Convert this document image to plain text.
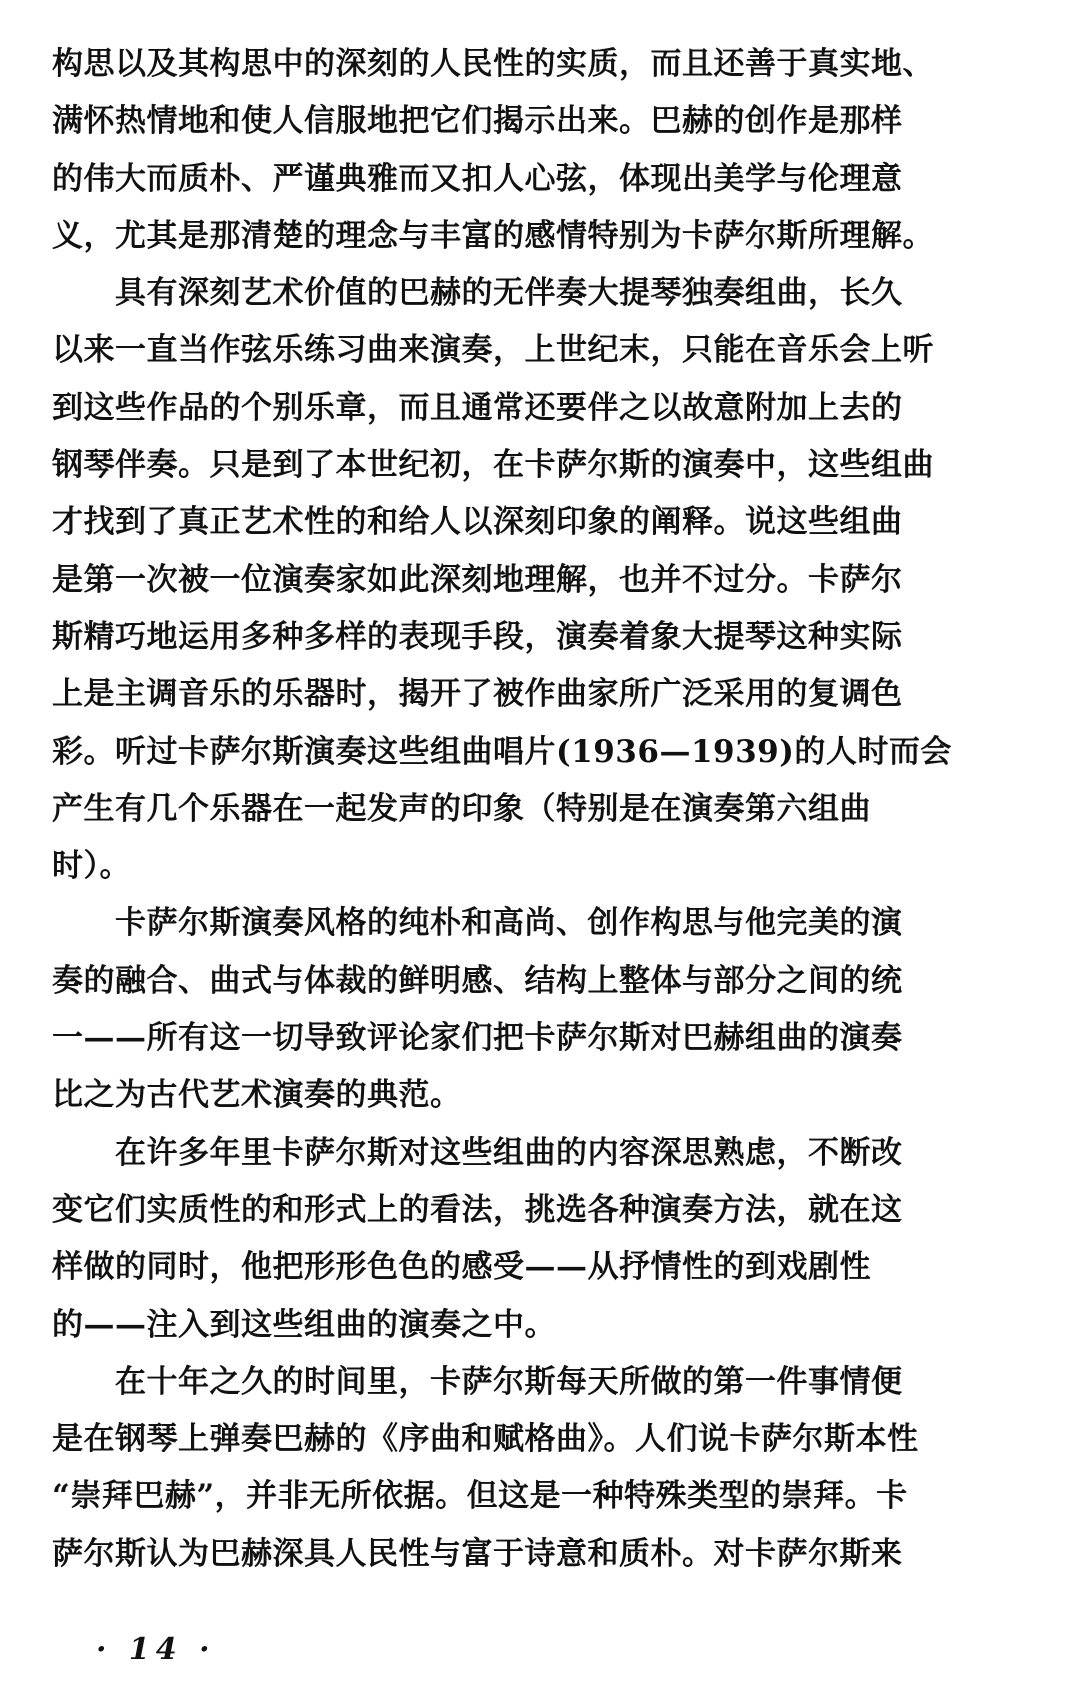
构思以及其构思中的深刻的人民性的实质，而且还善于真实地、
满怀热情地和使人信服地把它们揭示出来。巴赫的创作是那样
的伟大而质朴、严谨典雅而又扣人心弦，体现出美学与伦理意
义，尤其是那清楚的理念与丰富的感情特别为卡萨尔斯所理解。
　　具有深刻艺术价值的巴赫的无伴奏大提琴独奏组曲，长久
以来一直当作弦乐练习曲来演奏，上世纪末，只能在音乐会上听
到这些作品的个别乐章，而且通常还要伴之以故意附加上去的
钢琴伴奏。只是到了本世纪初，在卡萨尔斯的演奏中，这些组曲
才找到了真正艺术性的和给人以深刻印象的阐释。说这些组曲
是第一次被一位演奏家如此深刻地理解，也并不过分。卡萨尔
斯精巧地运用多种多样的表现手段，演奏着象大提琴这种实际
上是主调音乐的乐器时，揭开了被作曲家所广泛采用的复调色
彩。听过卡萨尔斯演奏这些组曲唱片(1936—1939)的人时而会
产生有几个乐器在一起发声的印象（特别是在演奏第六组曲
时）。
　　卡萨尔斯演奏风格的纯朴和高尚、创作构思与他完美的演
奏的融合、曲式与体裁的鲜明感、结构上整体与部分之间的统
一——所有这一切导致评论家们把卡萨尔斯对巴赫组曲的演奏
比之为古代艺术演奏的典范。
　　在许多年里卡萨尔斯对这些组曲的内容深思熟虑，不断改
变它们实质性的和形式上的看法，挑选各种演奏方法，就在这
样做的同时，他把形形色色的感受——从抒情性的到戏剧性
的——注入到这些组曲的演奏之中。
　　在十年之久的时间里，卡萨尔斯每天所做的第一件事情便
是在钢琴上弹奏巴赫的《序曲和赋格曲》。人们说卡萨尔斯本性
“崇拜巴赫”，并非无所依据。但这是一种特殊类型的崇拜。卡
萨尔斯认为巴赫深具人民性与富于诗意和质朴。对卡萨尔斯来
· 14 ·
